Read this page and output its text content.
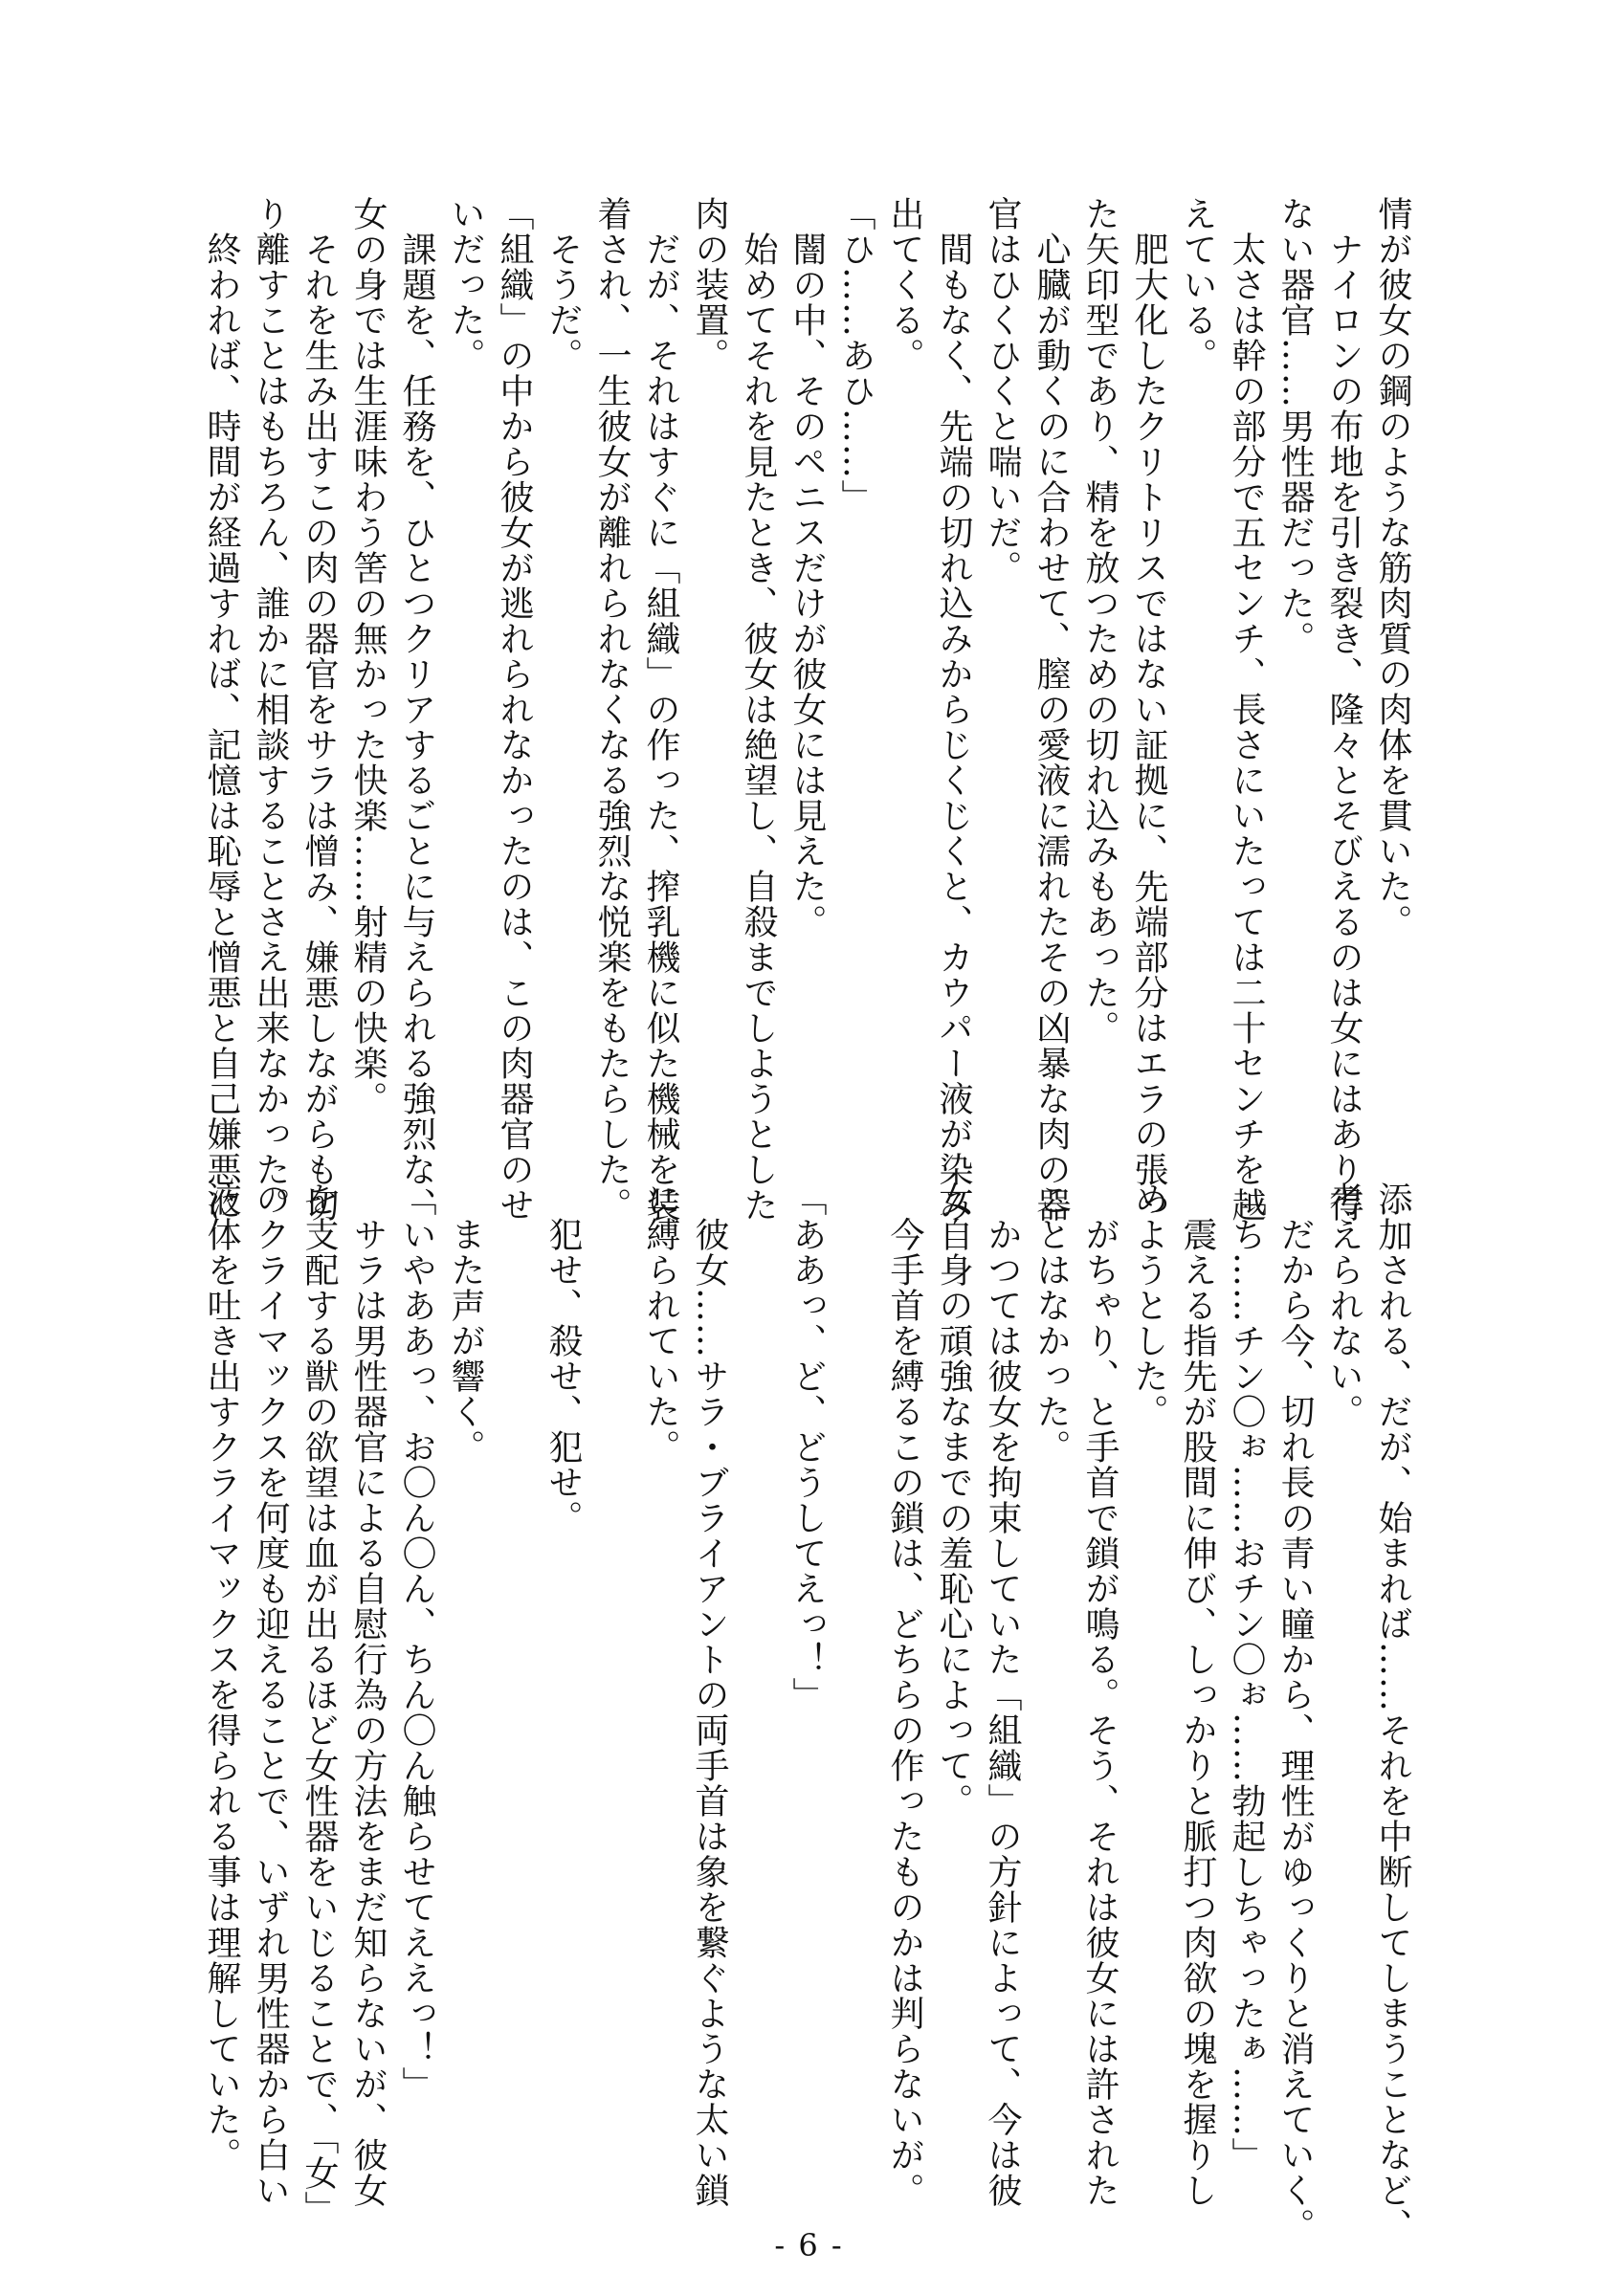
情が彼女の鋼のような筋肉質の肉体を貫いた。

　ナイロンの布地を引き裂き、隆々とそびえるのは女にはあり得

ない器官……男性器だった。

　太さは幹の部分で五センチ、長さにいたっては二十センチを越

えている。

　肥大化したクリトリスではない証拠に、先端部分はエラの張っ

た矢印型であり、精を放つための切れ込みもあった。

　心臓が動くのに合わせて、膣の愛液に濡れたその凶暴な肉の器

官はひくひくと喘いだ。

　間もなく、先端の切れ込みからじくじくと、カウパー液が染み

出てくる。

「ひ……あひ……」

　闇の中、そのペニスだけが彼女には見えた。

　始めてそれを見たとき、彼女は絶望し、自殺までしようとした

肉の装置。

　だが、それはすぐに「組織」の作った、搾乳機に似た機械を装

着され、一生彼女が離れられなくなる強烈な悦楽をもたらした。

　そうだ。

「組織」の中から彼女が逃れられなかったのは、この肉器官のせ

いだった。

　課題を、任務を、ひとつクリアするごとに与えられる強烈な、

女の身では生涯味わう筈の無かった快楽……射精の快楽。

　それを生み出すこの肉の器官をサラは憎み、嫌悪しながらも切

り離すことはもちろん、誰かに相談することさえ出来なかった。

　終われば、時間が経過すれば、記憶は恥辱と憎悪と自己嫌悪に

添加される、だが、始まれば……それを中断してしまうことなど、

考えられない。

　だから今、切れ長の青い瞳から、理性がゆっくりと消えていく。

「ち……チン〇ぉ……おチン〇ぉ……勃起しちゃったぁ……」

　震える指先が股間に伸び、しっかりと脈打つ肉欲の塊を握りし

めようとした。

　がちゃり、と手首で鎖が鳴る。そう、それは彼女には許された

ことはなかった。

　かつては彼女を拘束していた「組織」の方針によって、今は彼

女自身の頑強なまでの羞恥心によって。

　今手首を縛るこの鎖は、どちらの作ったものかは判らないが。

「ああっ、ど、どうしてえっ！」

　彼女……サラ・ブライアントの両手首は象を繋ぐような太い鎖

に縛られていた。

　犯せ、殺せ、犯せ。

　また声が響く。

「いやああっ、お〇ん〇ん、ちん〇ん触らせてええっ！」

　サラは男性器官による自慰行為の方法をまだ知らないが、彼女

を支配する獣の欲望は血が出るほど女性器をいじることで、「女」

のクライマックスを何度も迎えることで、いずれ男性器から白い

液体を吐き出すクライマックスを得られる事は理解していた。

- 6 -
